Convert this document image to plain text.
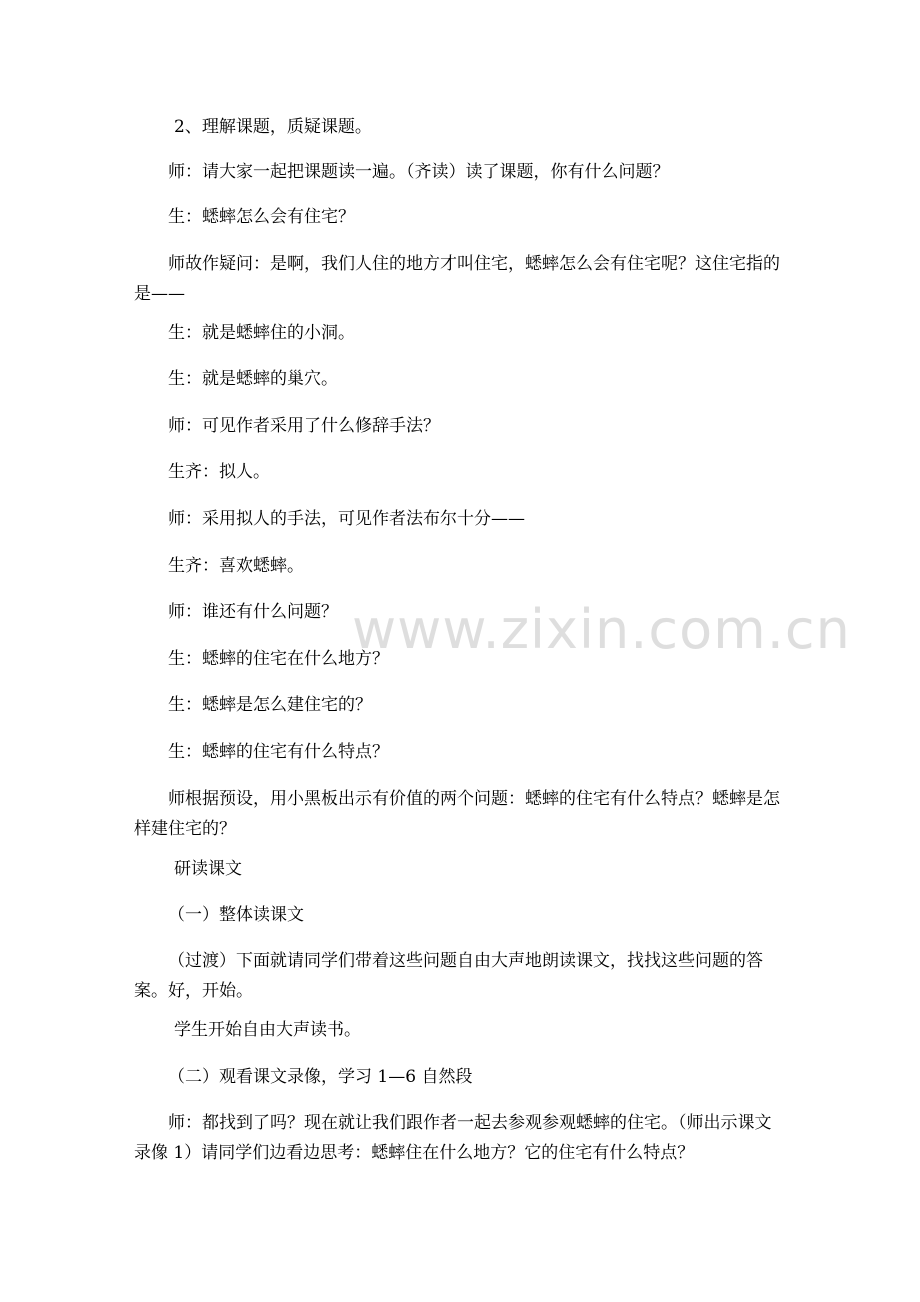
2、理解课题，质疑课题。

师：请大家一起把课题读一遍。（齐读）读了课题，你有什么问题？

生：蟋蟀怎么会有住宅？

师故作疑问：是啊，我们人住的地方才叫住宅，蟋蟀怎么会有住宅呢？这住宅指的是——

生：就是蟋蟀住的小洞。

生：就是蟋蟀的巢穴。

师：可见作者采用了什么修辞手法？

生齐：拟人。

师：采用拟人的手法，可见作者法布尔十分——

生齐：喜欢蟋蟀。

师：谁还有什么问题？

生：蟋蟀的住宅在什么地方？

生：蟋蟀是怎么建住宅的？

生：蟋蟀的住宅有什么特点？

师根据预设，用小黑板出示有价值的两个问题：蟋蟀的住宅有什么特点？蟋蟀是怎样建住宅的？

研读课文

（一）整体读课文

（过渡）下面就请同学们带着这些问题自由大声地朗读课文，找找这些问题的答案。好，开始。

学生开始自由大声读书。

（二）观看课文录像，学习 1—6 自然段

师：都找到了吗？现在就让我们跟作者一起去参观参观蟋蟀的住宅。（师出示课文录像 1）请同学们边看边思考：蟋蟀住在什么地方？它的住宅有什么特点？

www.zixin.com.cn
